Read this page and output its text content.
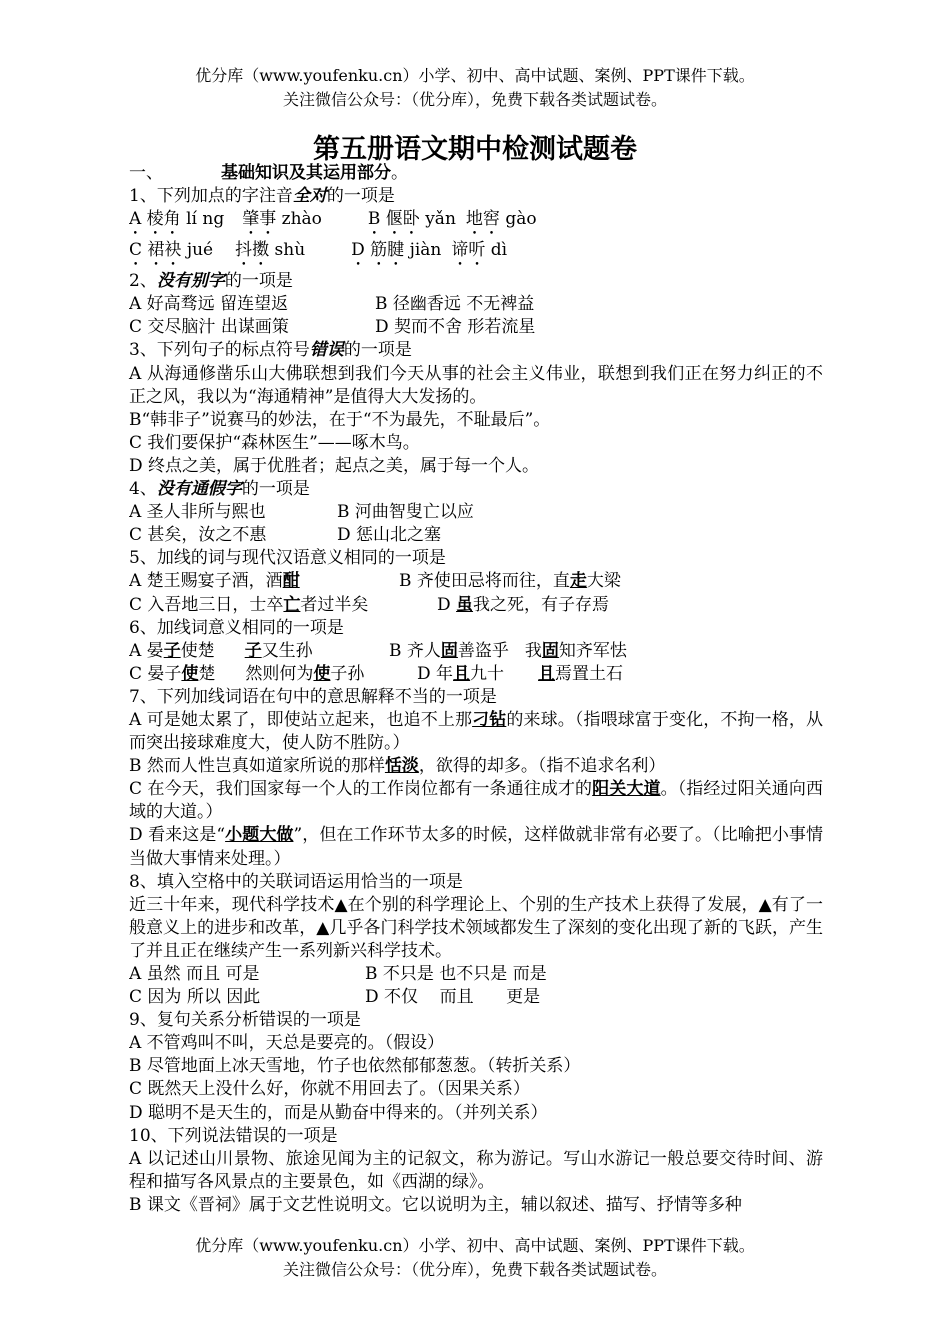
优分库（www.youfenku.cn）小学、初中、高中试题、案例、PPT课件下载。
关注微信公众号：（优分库），免费下载各类试题试卷。
第五册语文期中检测试题卷
一、	基础知识及其运用部分。
1、下列加点的字注音全对的一项是
A 棱角 lí ng 肇事 zhào	B 偃卧 yǎn 地窖 gào
C 裙袂 jué 抖擞 shù	D 筋腱 jiàn 谛听 dì
2、没有别字的一项是
A 好高骛远 留连望返	B 径幽香远 不无裨益
C 交尽脑汁 出谋画策	D 契而不舍 形若流星
3、下列句子的标点符号错误的一项是
A 从海通修凿乐山大佛联想到我们今天从事的社会主义伟业，联想到我们正在努力纠正的不正之风，我以为“海通精神”是值得大大发扬的。
B“韩非子”说赛马的妙法，在于“不为最先，不耻最后”。
C 我们要保护“森林医生”——啄木鸟。
D 终点之美，属于优胜者；起点之美，属于每一个人。
4、没有通假字的一项是
A 圣人非所与熙也	B 河曲智叟亡以应
C 甚矣，汝之不惠	D 惩山北之塞
5、加线的词与现代汉语意义相同的一项是
A 楚王赐宴子酒，酒酣	B 齐使田忌将而往，直走大梁
C 入吾地三日，士卒亡者过半矣	D 虽我之死，有子存焉
6、加线词意义相同的一项是
A 晏子使楚 子又生孙	B 齐人固善盗乎 我固知齐军怯
C 晏子使楚 然则何为使子孙	D 年且九十 且焉置土石
7、下列加线词语在句中的意思解释不当的一项是
A 可是她太累了，即使站立起来，也追不上那刁钻的来球。（指喂球富于变化，不拘一格，从而突出接球难度大，使人防不胜防。）
B 然而人性岂真如道家所说的那样恬淡，欲得的却多。（指不追求名利）
C 在今天，我们国家每一个人的工作岗位都有一条通往成才的阳关大道。（指经过阳关通向西域的大道。）
D 看来这是“小题大做”，但在工作环节太多的时候，这样做就非常有必要了。（比喻把小事情当做大事情来处理。）
8、填入空格中的关联词语运用恰当的一项是
近三十年来，现代科学技术▲在个别的科学理论上、个别的生产技术上获得了发展，▲有了一般意义上的进步和改革，▲几乎各门科学技术领域都发生了深刻的变化出现了新的飞跃，产生了并且正在继续产生一系列新兴科学技术。
A 虽然 而且 可是	B 不只是 也不只是 而是
C 因为 所以 因此	D 不仅    而且      更是
9、复句关系分析错误的一项是
A 不管鸡叫不叫，天总是要亮的。（假设）
B 尽管地面上冰天雪地，竹子也依然郁郁葱葱。（转折关系）
C 既然天上没什么好，你就不用回去了。（因果关系）
D 聪明不是天生的，而是从勤奋中得来的。（并列关系）
10、下列说法错误的一项是
A 以记述山川景物、旅途见闻为主的记叙文，称为游记。写山水游记一般总要交待时间、游程和描写各风景点的主要景色，如《西湖的绿》。
B 课文《晋祠》属于文艺性说明文。它以说明为主，辅以叙述、描写、抒情等多种
优分库（www.youfenku.cn）小学、初中、高中试题、案例、PPT课件下载。
关注微信公众号：（优分库），免费下载各类试题试卷。
